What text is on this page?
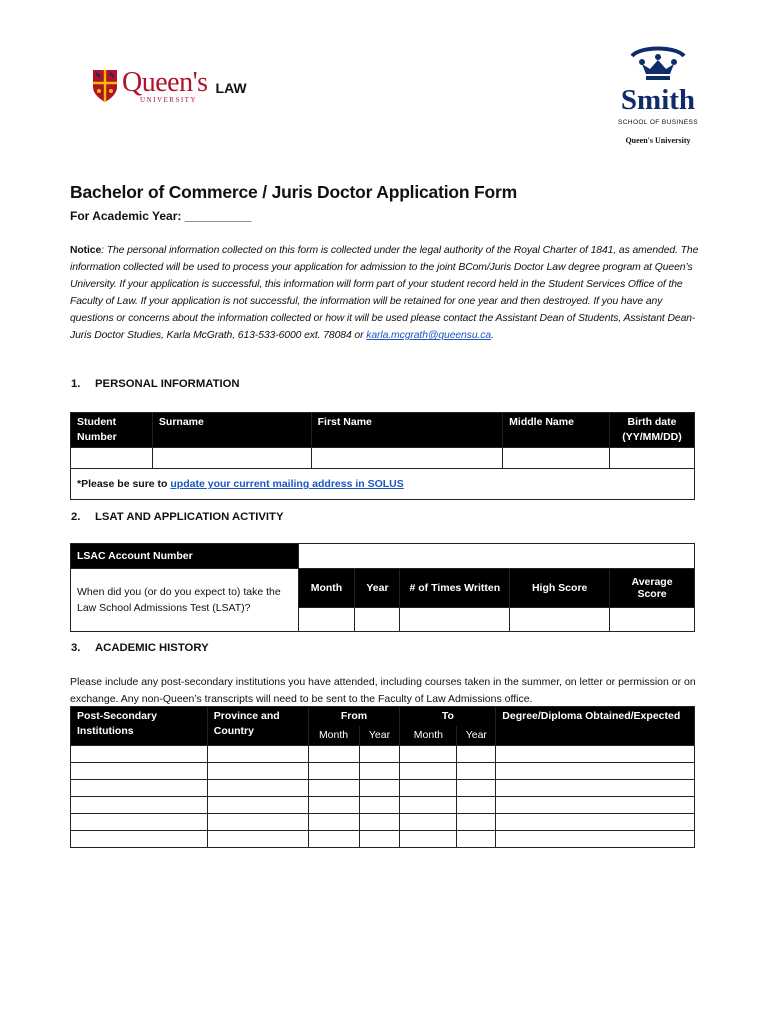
Queen's
UNIVERSITY
LAW	Smith
SCHOOL OF BUSINESS
Queen's University
Bachelor of Commerce / Juris Doctor Application Form
For Academic Year: __________
Notice: The personal information collected on this form is collected under the legal authority of the Royal Charter of 1841, as amended. The information collected will be used to process your application for admission to the joint BCom/Juris Doctor Law degree program at Queen’s University. If your application is successful, this information will form part of your student record held in the Student Services Office of the Faculty of Law. If your application is not successful, the information will be retained for one year and then destroyed. If you have any questions or concerns about the information collected or how it will be used please contact the Assistant Dean of Students, Assistant Dean- Juris Doctor Studies, Karla McGrath, 613-533-6000 ext. 78084 or karla.mcgrath@queensu.ca.
1. PERSONAL INFORMATION
Student Number	Surname	First Name	Middle Name	Birth date (YY/MM/DD)

*Please be sure to update your current mailing address in SOLUS				
2. LSAT AND APPLICATION ACTIVITY
LSAC Account Number					
When did you (or do you expect to) take the Law School Admissions Test (LSAT)?	Month	Year	# of Times Written	High Score	Average Score

3. ACADEMIC HISTORY
Please include any post-secondary institutions you have attended, including courses taken in the summer, on letter or permission or on exchange. Any non-Queen’s transcripts will need to be sent to the Faculty of Law Admissions office.
Post-Secondary Institutions	Province and Country	From		To		Degree/Diploma Obtained/Expected
		Month	Year	Month	Year	
